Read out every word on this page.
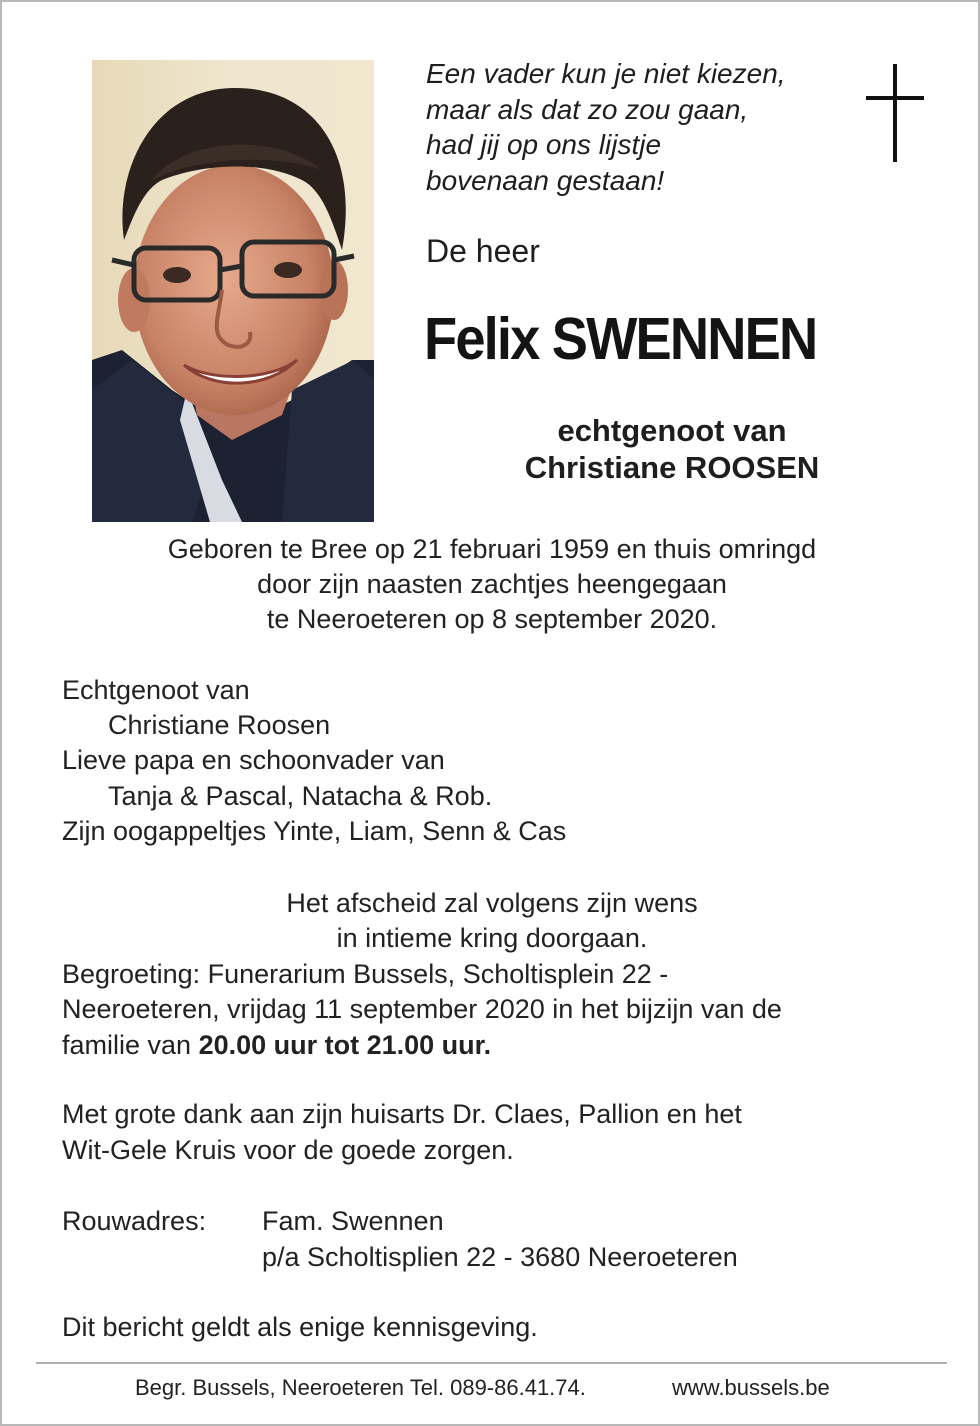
Een vader kun je niet kiezen,
maar als dat zo zou gaan,
had jij op ons lijstje
bovenaan gestaan!
De heer
Felix SWENNEN
echtgenoot van
Christiane ROOSEN
Geboren te Bree op 21 februari 1959 en thuis omringd
door zijn naasten zachtjes heengegaan
te Neeroeteren op 8 september 2020.
Echtgenoot van
Christiane Roosen
Lieve papa en schoonvader van
Tanja & Pascal, Natacha & Rob.
Zijn oogappeltjes Yinte, Liam, Senn & Cas
Het afscheid zal volgens zijn wens
in intieme kring doorgaan.
Begroeting: Funerarium Bussels, Scholtisplein 22 -
Neeroeteren, vrijdag 11 september 2020 in het bijzijn van de
familie van 20.00 uur tot 21.00 uur.
Met grote dank aan zijn huisarts Dr. Claes, Pallion en het
Wit-Gele Kruis voor de goede zorgen.
Rouwadres: Fam. Swennen
p/a Scholtisplien 22 - 3680 Neeroeteren
Dit bericht geldt als enige kennisgeving.
Begr. Bussels, Neeroeteren Tel. 089-86.41.74.	www.bussels.be
